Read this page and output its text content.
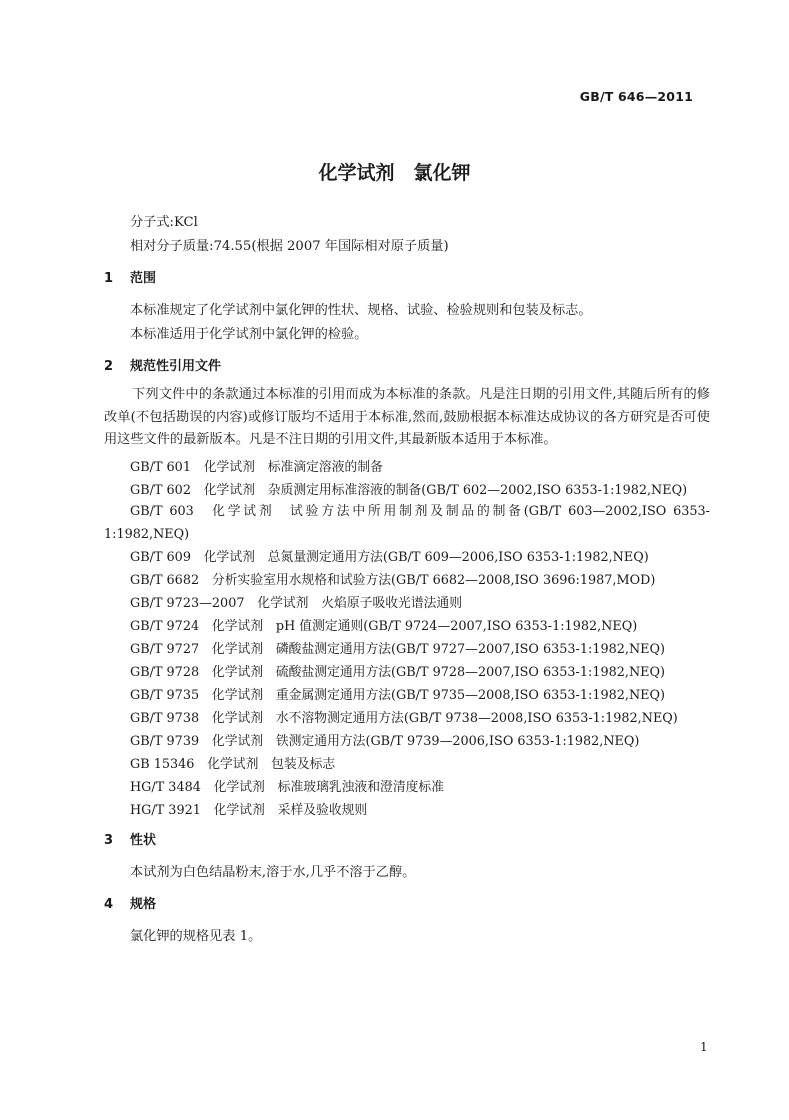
GB/T 646—2011
化学试剂　氯化钾
分子式:KCl
相对分子质量:74.55(根据 2007 年国际相对原子质量)
1 范围
本标准规定了化学试剂中氯化钾的性状、规格、试验、检验规则和包装及标志。
本标准适用于化学试剂中氯化钾的检验。
2 规范性引用文件
下列文件中的条款通过本标准的引用而成为本标准的条款。凡是注日期的引用文件,其随后所有的修改单(不包括勘误的内容)或修订版均不适用于本标准,然而,鼓励根据本标准达成协议的各方研究是否可使用这些文件的最新版本。凡是不注日期的引用文件,其最新版本适用于本标准。
GB/T 601　化学试剂　标准滴定溶液的制备
GB/T 602　化学试剂　杂质测定用标准溶液的制备(GB/T 602—2002,ISO 6353-1:1982,NEQ)
GB/T 603　化学试剂　试验方法中所用制剂及制品的制备(GB/T 603—2002,ISO 6353-1:1982,NEQ)
GB/T 609　化学试剂　总氮量测定通用方法(GB/T 609—2006,ISO 6353-1:1982,NEQ)
GB/T 6682　分析实验室用水规格和试验方法(GB/T 6682—2008,ISO 3696:1987,MOD)
GB/T 9723—2007　化学试剂　火焰原子吸收光谱法通则
GB/T 9724　化学试剂　pH 值测定通则(GB/T 9724—2007,ISO 6353-1:1982,NEQ)
GB/T 9727　化学试剂　磷酸盐测定通用方法(GB/T 9727—2007,ISO 6353-1:1982,NEQ)
GB/T 9728　化学试剂　硫酸盐测定通用方法(GB/T 9728—2007,ISO 6353-1:1982,NEQ)
GB/T 9735　化学试剂　重金属测定通用方法(GB/T 9735—2008,ISO 6353-1:1982,NEQ)
GB/T 9738　化学试剂　水不溶物测定通用方法(GB/T 9738—2008,ISO 6353-1:1982,NEQ)
GB/T 9739　化学试剂　铁测定通用方法(GB/T 9739—2006,ISO 6353-1:1982,NEQ)
GB 15346　化学试剂　包装及标志
HG/T 3484　化学试剂　标准玻璃乳浊液和澄清度标准
HG/T 3921　化学试剂　采样及验收规则
3 性状
本试剂为白色结晶粉末,溶于水,几乎不溶于乙醇。
4 规格
氯化钾的规格见表 1。
1
